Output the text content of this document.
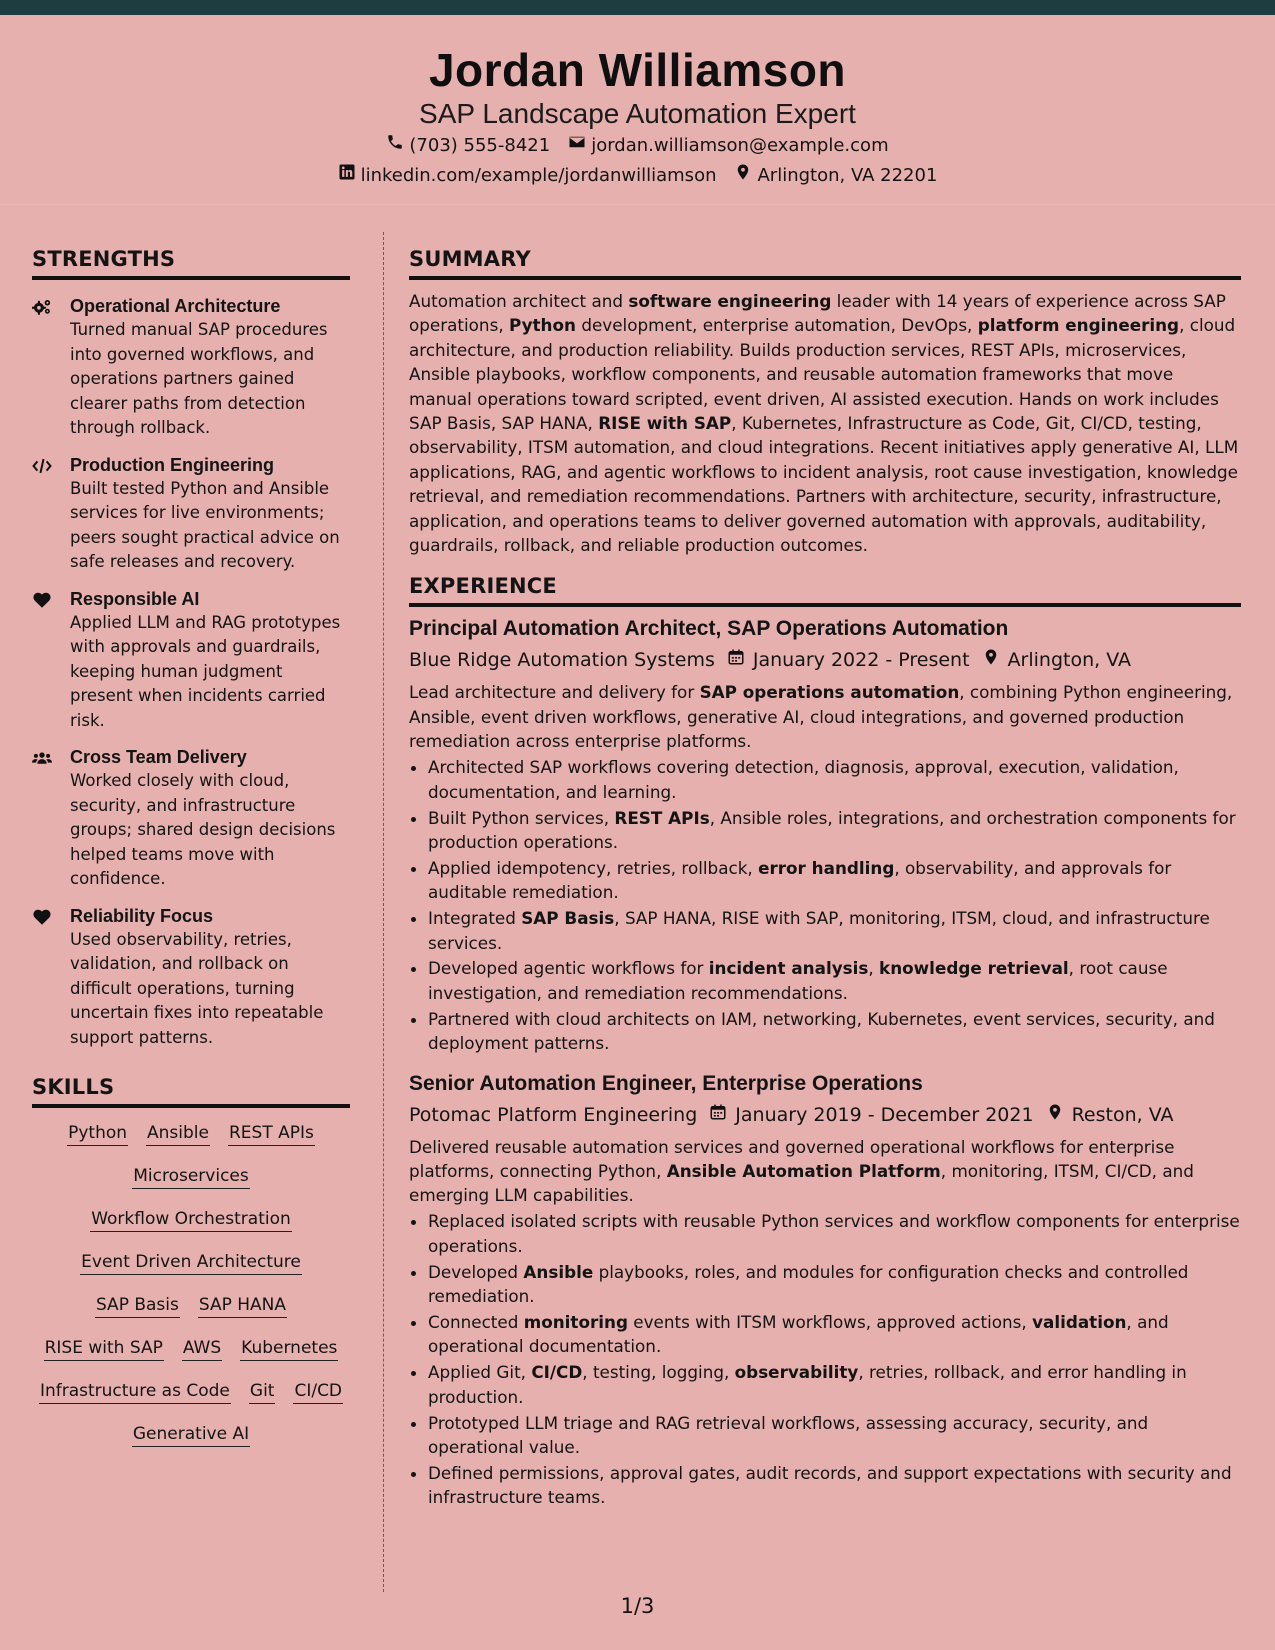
Jordan Williamson
SAP Landscape Automation Expert
(703) 555-8421 jordan.williamson@example.com
linkedin.com/example/jordanwilliamson Arlington, VA 22201
STRENGTHS
Operational Architecture
Turned manual SAP procedures into governed workflows, and operations partners gained clearer paths from detection through rollback.
Production Engineering
Built tested Python and Ansible services for live environments; peers sought practical advice on safe releases and recovery.
Responsible AI
Applied LLM and RAG prototypes with approvals and guardrails, keeping human judgment present when incidents carried risk.
Cross Team Delivery
Worked closely with cloud, security, and infrastructure groups; shared design decisions helped teams move with confidence.
Reliability Focus
Used observability, retries, validation, and rollback on difficult operations, turning uncertain fixes into repeatable support patterns.
SKILLS
Python Ansible REST APIs
Microservices
Workflow Orchestration
Event Driven Architecture
SAP Basis SAP HANA
RISE with SAP AWS Kubernetes
Infrastructure as Code Git CI/CD
Generative AI
SUMMARY
Automation architect and software engineering leader with 14 years of experience across SAP operations, Python development, enterprise automation, DevOps, platform engineering, cloud architecture, and production reliability. Builds production services, REST APIs, microservices, Ansible playbooks, workflow components, and reusable automation frameworks that move manual operations toward scripted, event driven, AI assisted execution. Hands on work includes SAP Basis, SAP HANA, RISE with SAP, Kubernetes, Infrastructure as Code, Git, CI/CD, testing, observability, ITSM automation, and cloud integrations. Recent initiatives apply generative AI, LLM applications, RAG, and agentic workflows to incident analysis, root cause investigation, knowledge retrieval, and remediation recommendations. Partners with architecture, security, infrastructure, application, and operations teams to deliver governed automation with approvals, auditability, guardrails, rollback, and reliable production outcomes.
EXPERIENCE
Principal Automation Architect, SAP Operations Automation
Blue Ridge Automation Systems January 2022 - Present Arlington, VA
Lead architecture and delivery for SAP operations automation, combining Python engineering, Ansible, event driven workflows, generative AI, cloud integrations, and governed production remediation across enterprise platforms.
• Architected SAP workflows covering detection, diagnosis, approval, execution, validation, documentation, and learning.
• Built Python services, REST APIs, Ansible roles, integrations, and orchestration components for production operations.
• Applied idempotency, retries, rollback, error handling, observability, and approvals for auditable remediation.
• Integrated SAP Basis, SAP HANA, RISE with SAP, monitoring, ITSM, cloud, and infrastructure services.
• Developed agentic workflows for incident analysis, knowledge retrieval, root cause investigation, and remediation recommendations.
• Partnered with cloud architects on IAM, networking, Kubernetes, event services, security, and deployment patterns.
Senior Automation Engineer, Enterprise Operations
Potomac Platform Engineering January 2019 - December 2021 Reston, VA
Delivered reusable automation services and governed operational workflows for enterprise platforms, connecting Python, Ansible Automation Platform, monitoring, ITSM, CI/CD, and emerging LLM capabilities.
• Replaced isolated scripts with reusable Python services and workflow components for enterprise operations.
• Developed Ansible playbooks, roles, and modules for configuration checks and controlled remediation.
• Connected monitoring events with ITSM workflows, approved actions, validation, and operational documentation.
• Applied Git, CI/CD, testing, logging, observability, retries, rollback, and error handling in production.
• Prototyped LLM triage and RAG retrieval workflows, assessing accuracy, security, and operational value.
• Defined permissions, approval gates, audit records, and support expectations with security and infrastructure teams.
1/3
